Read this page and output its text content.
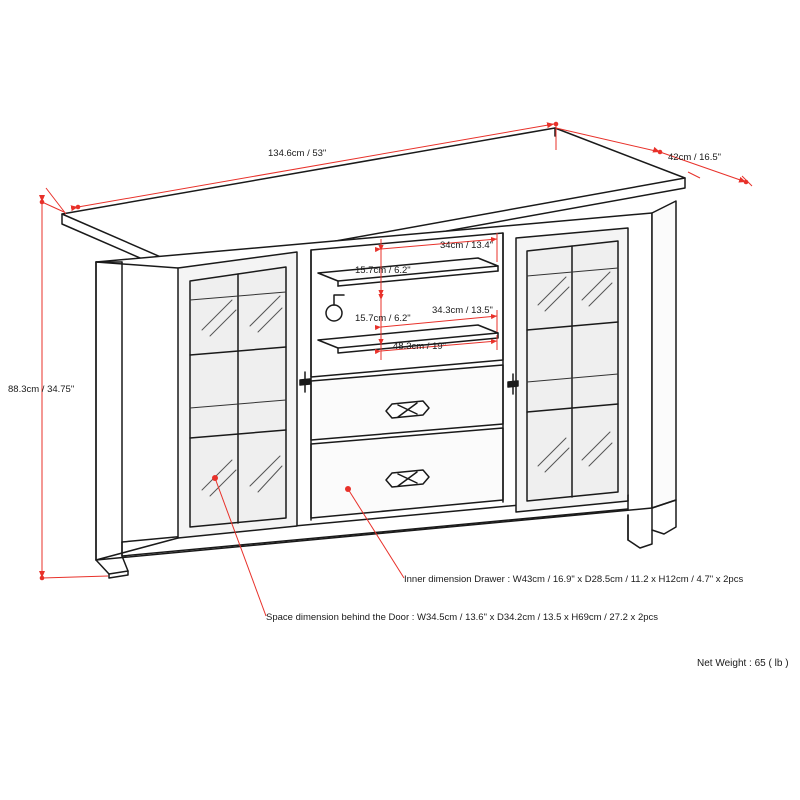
134.6cm / 53"	42cm / 16.5"
88.3cm / 34.75"
34cm / 13.4"
15.7cm / 6.2"
34.3cm / 13.5"
15.7cm / 6.2"
48.3cm / 19"
Inner dimension Drawer : W43cm / 16.9" x D28.5cm / 11.2 x H12cm / 4.7" x 2pcs
Space dimension behind the Door : W34.5cm / 13.6" x D34.2cm / 13.5 x H69cm / 27.2 x 2pcs
Net Weight : 65 ( lb )
